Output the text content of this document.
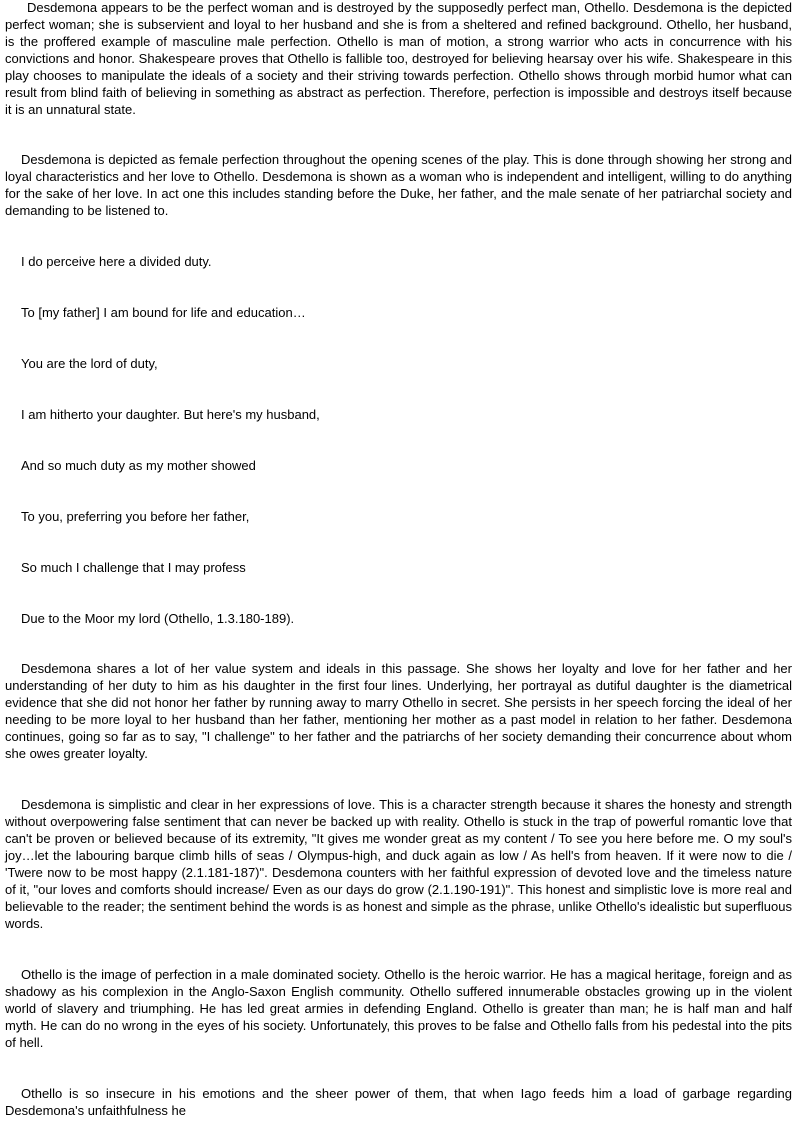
Desdemona appears to be the perfect woman and is destroyed by the supposedly perfect man, Othello. Desdemona is the depicted perfect woman; she is subservient and loyal to her husband and she is from a sheltered and refined background. Othello, her husband, is the proffered example of masculine male perfection. Othello is man of motion, a strong warrior who acts in concurrence with his convictions and honor. Shakespeare proves that Othello is fallible too, destroyed for believing hearsay over his wife. Shakespeare in this play chooses to manipulate the ideals of a society and their striving towards perfection. Othello shows through morbid humor what can result from blind faith of believing in something as abstract as perfection. Therefore, perfection is impossible and destroys itself because it is an unnatural state.

Desdemona is depicted as female perfection throughout the opening scenes of the play. This is done through showing her strong and loyal characteristics and her love to Othello. Desdemona is shown as a woman who is independent and intelligent, willing to do anything for the sake of her love. In act one this includes standing before the Duke, her father, and the male senate of her patriarchal society and demanding to be listened to.

I do perceive here a divided duty.

To [my father] I am bound for life and education…

You are the lord of duty,

I am hitherto your daughter. But here's my husband,

And so much duty as my mother showed

To you, preferring you before her father,

So much I challenge that I may profess

Due to the Moor my lord (Othello, 1.3.180-189).

Desdemona shares a lot of her value system and ideals in this passage. She shows her loyalty and love for her father and her understanding of her duty to him as his daughter in the first four lines. Underlying, her portrayal as dutiful daughter is the diametrical evidence that she did not honor her father by running away to marry Othello in secret. She persists in her speech forcing the ideal of her needing to be more loyal to her husband than her father, mentioning her mother as a past model in relation to her father. Desdemona continues, going so far as to say, "I challenge" to her father and the patriarchs of her society demanding their concurrence about whom she owes greater loyalty.

Desdemona is simplistic and clear in her expressions of love. This is a character strength because it shares the honesty and strength without overpowering false sentiment that can never be backed up with reality. Othello is stuck in the trap of powerful romantic love that can't be proven or believed because of its extremity, "It gives me wonder great as my content / To see you here before me. O my soul's joy…let the labouring barque climb hills of seas / Olympus-high, and duck again as low / As hell's from heaven. If it were now to die / 'Twere now to be most happy (2.1.181-187)". Desdemona counters with her faithful expression of devoted love and the timeless nature of it, "our loves and comforts should increase/ Even as our days do grow (2.1.190-191)". This honest and simplistic love is more real and believable to the reader; the sentiment behind the words is as honest and simple as the phrase, unlike Othello's idealistic but superfluous words.

Othello is the image of perfection in a male dominated society. Othello is the heroic warrior. He has a magical heritage, foreign and as shadowy as his complexion in the Anglo-Saxon English community. Othello suffered innumerable obstacles growing up in the violent world of slavery and triumphing. He has led great armies in defending England. Othello is greater than man; he is half man and half myth. He can do no wrong in the eyes of his society. Unfortunately, this proves to be false and Othello falls from his pedestal into the pits of hell.

Othello is so insecure in his emotions and the sheer power of them, that when Iago feeds him a load of garbage regarding Desdemona's unfaithfulness he
